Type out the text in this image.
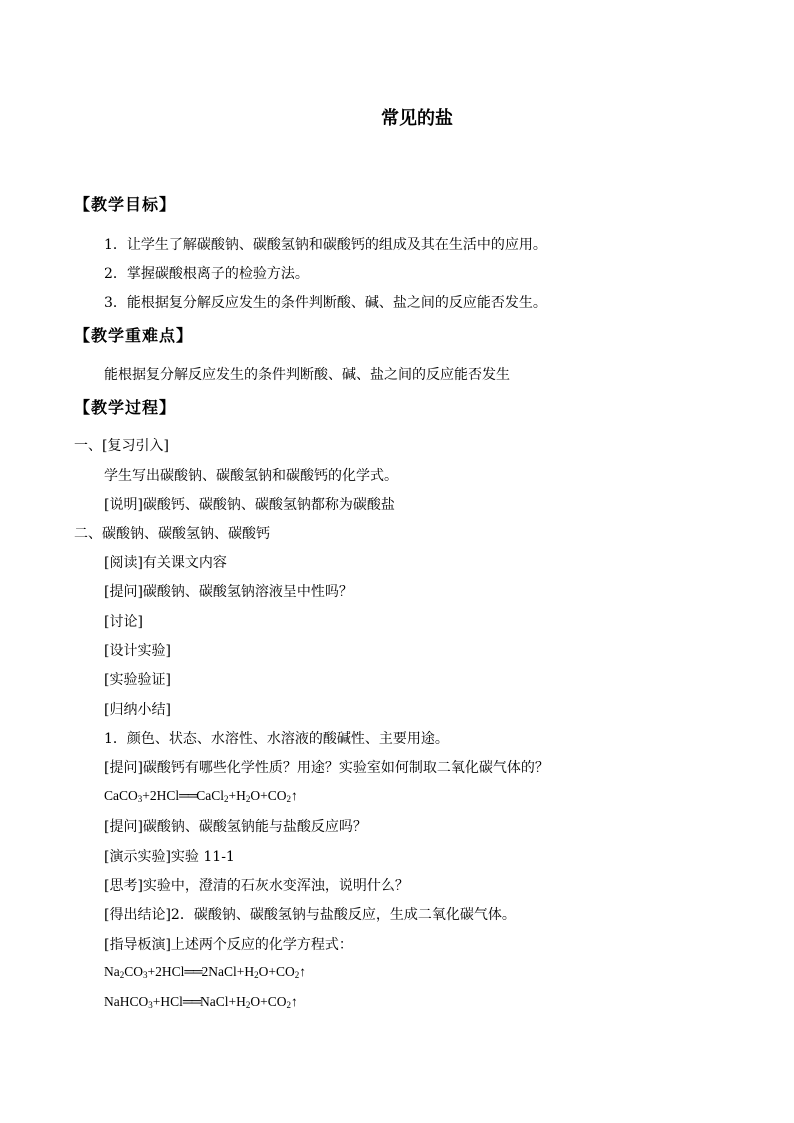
常见的盐
【教学目标】
1．让学生了解碳酸钠、碳酸氢钠和碳酸钙的组成及其在生活中的应用。
2．掌握碳酸根离子的检验方法。
3．能根据复分解反应发生的条件判断酸、碱、盐之间的反应能否发生。
【教学重难点】
能根据复分解反应发生的条件判断酸、碱、盐之间的反应能否发生
【教学过程】
一、[复习引入]
学生写出碳酸钠、碳酸氢钠和碳酸钙的化学式。
[说明]碳酸钙、碳酸钠、碳酸氢钠都称为碳酸盐
二、碳酸钠、碳酸氢钠、碳酸钙
[阅读]有关课文内容
[提问]碳酸钠、碳酸氢钠溶液呈中性吗？
[讨论]
[设计实验]
[实验验证]
[归纳小结]
1．颜色、状态、水溶性、水溶液的酸碱性、主要用途。
[提问]碳酸钙有哪些化学性质？用途？实验室如何制取二氧化碳气体的？
$CaCO_3+2HCl══CaCl_2+H_2O+CO_2↑$
[提问]碳酸钠、碳酸氢钠能与盐酸反应吗？
[演示实验]实验 11-1
[思考]实验中，澄清的石灰水变浑浊，说明什么？
[得出结论]2．碳酸钠、碳酸氢钠与盐酸反应，生成二氧化碳气体。
[指导板演]上述两个反应的化学方程式：
$Na_2CO_3+2HCl══2NaCl+H_2O+CO_2↑$
$NaHCO_3+HCl══NaCl+H_2O+CO_2↑$
